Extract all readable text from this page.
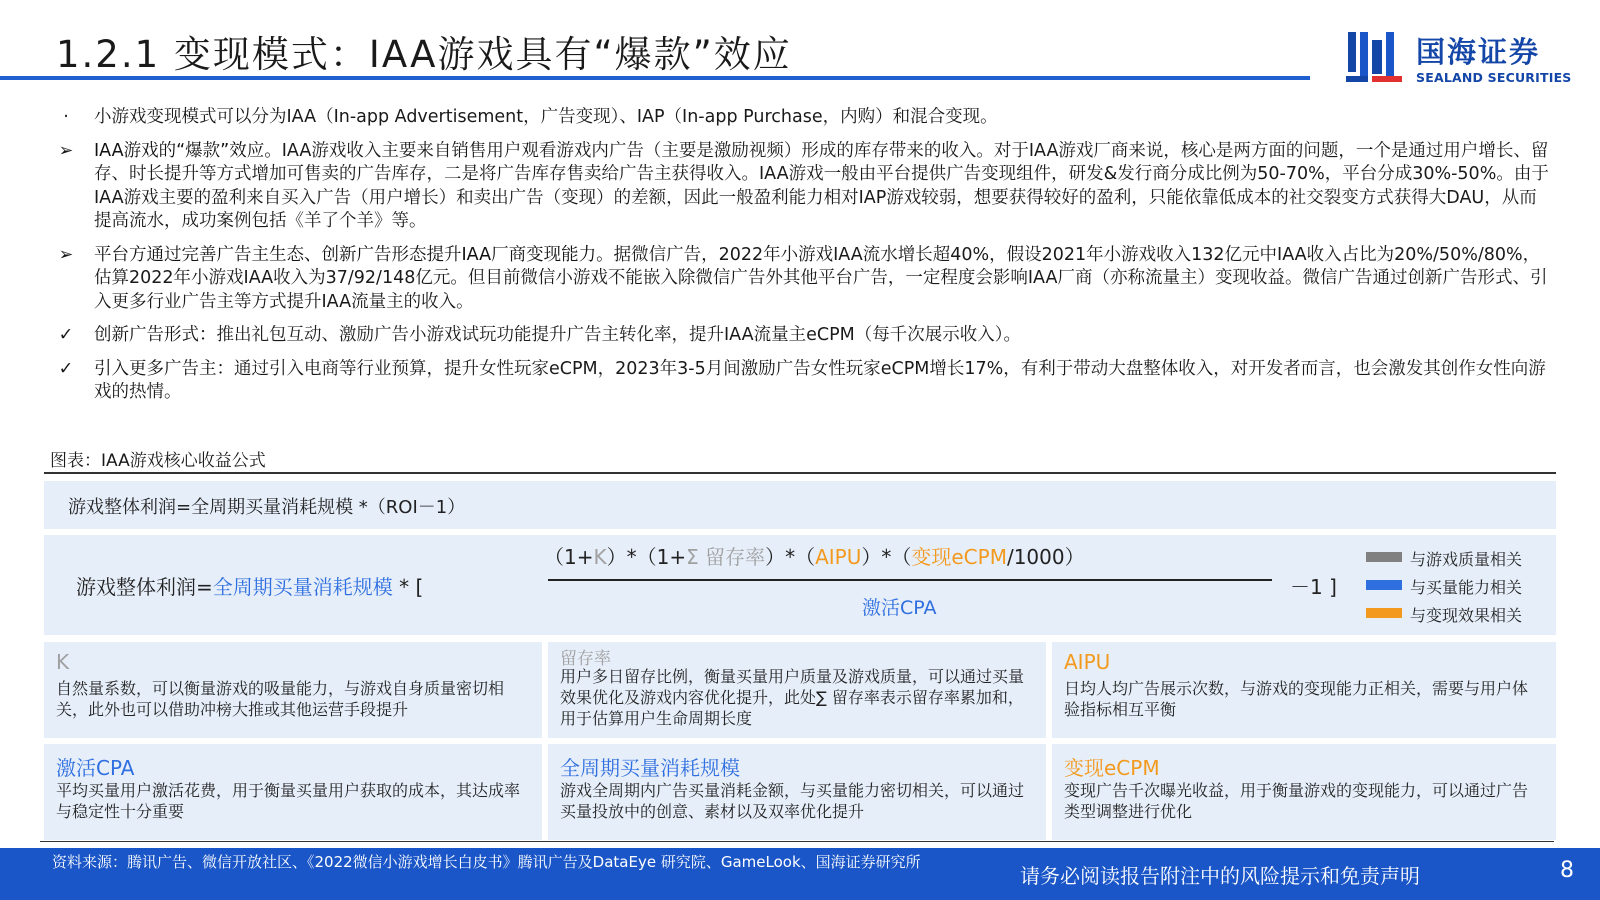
1.2.1 变现模式：IAA游戏具有“爆款”效应	国海证券
SEALAND SECURITIES
·	小游戏变现模式可以分为IAA（In-app Advertisement，广告变现）、IAP（In-app Purchase，内购）和混合变现。
➢ IAA游戏的“爆款”效应。IAA游戏收入主要来自销售用户观看游戏内广告（主要是激励视频）形成的库存带来的收入。对于IAA游戏厂商来说，核心是两方面的问题，一个是通过用户增长、留存、时长提升等方式增加可售卖的广告库存，二是将广告库存售卖给广告主获得收入。IAA游戏一般由平台提供广告变现组件，研发&发行商分成比例为50-70%，平台分成30%-50%。由于IAA游戏主要的盈利来自买入广告（用户增长）和卖出广告（变现）的差额，因此一般盈利能力相对IAP游戏较弱，想要获得较好的盈利，只能依靠低成本的社交裂变方式获得大DAU，从而提高流水，成功案例包括《羊了个羊》等。
➢ 平台方通过完善广告主生态、创新广告形态提升IAA厂商变现能力。据微信广告，2022年小游戏IAA流水增长超40%，假设2021年小游戏收入132亿元中IAA收入占比为20%/50%/80%，估算2022年小游戏IAA收入为37/92/148亿元。但目前微信小游戏不能嵌入除微信广告外其他平台广告，一定程度会影响IAA厂商（亦称流量主）变现收益。微信广告通过创新广告形式、引入更多行业广告主等方式提升IAA流量主的收入。
✓ 创新广告形式：推出礼包互动、激励广告小游戏试玩功能提升广告主转化率，提升IAA流量主eCPM（每千次展示收入）。
✓ 引入更多广告主：通过引入电商等行业预算，提升女性玩家eCPM，2023年3-5月间激励广告女性玩家eCPM增长17%，有利于带动大盘整体收入，对开发者而言，也会激发其创作女性向游戏的热情。
图表：IAA游戏核心收益公式
游戏整体利润=全周期买量消耗规模 *（ROI－1）
游戏整体利润=全周期买量消耗规模 * [
（1+K）*（1+Σ 留存率）*（AIPU）*（变现eCPM/1000）
激活CPA
－1 ]
与游戏质量相关
与买量能力相关
与变现效果相关
K
自然量系数，可以衡量游戏的吸量能力，与游戏自身质量密切相关，此外也可以借助冲榜大推或其他运营手段提升
留存率
用户多日留存比例，衡量买量用户质量及游戏质量，可以通过买量效果优化及游戏内容优化提升，此处∑ 留存率表示留存率累加和，用于估算用户生命周期长度
AIPU
日均人均广告展示次数，与游戏的变现能力正相关，需要与用户体验指标相互平衡
激活CPA
平均买量用户激活花费，用于衡量买量用户获取的成本，其达成率与稳定性十分重要
全周期买量消耗规模
游戏全周期内广告买量消耗金额，与买量能力密切相关，可以通过买量投放中的创意、素材以及双率优化提升
变现eCPM
变现广告千次曝光收益，用于衡量游戏的变现能力，可以通过广告类型调整进行优化
资料来源：腾讯广告、微信开放社区、《2022微信小游戏增长白皮书》腾讯广告及DataEye 研究院、GameLook、国海证券研究所
请务必阅读报告附注中的风险提示和免责声明	8
